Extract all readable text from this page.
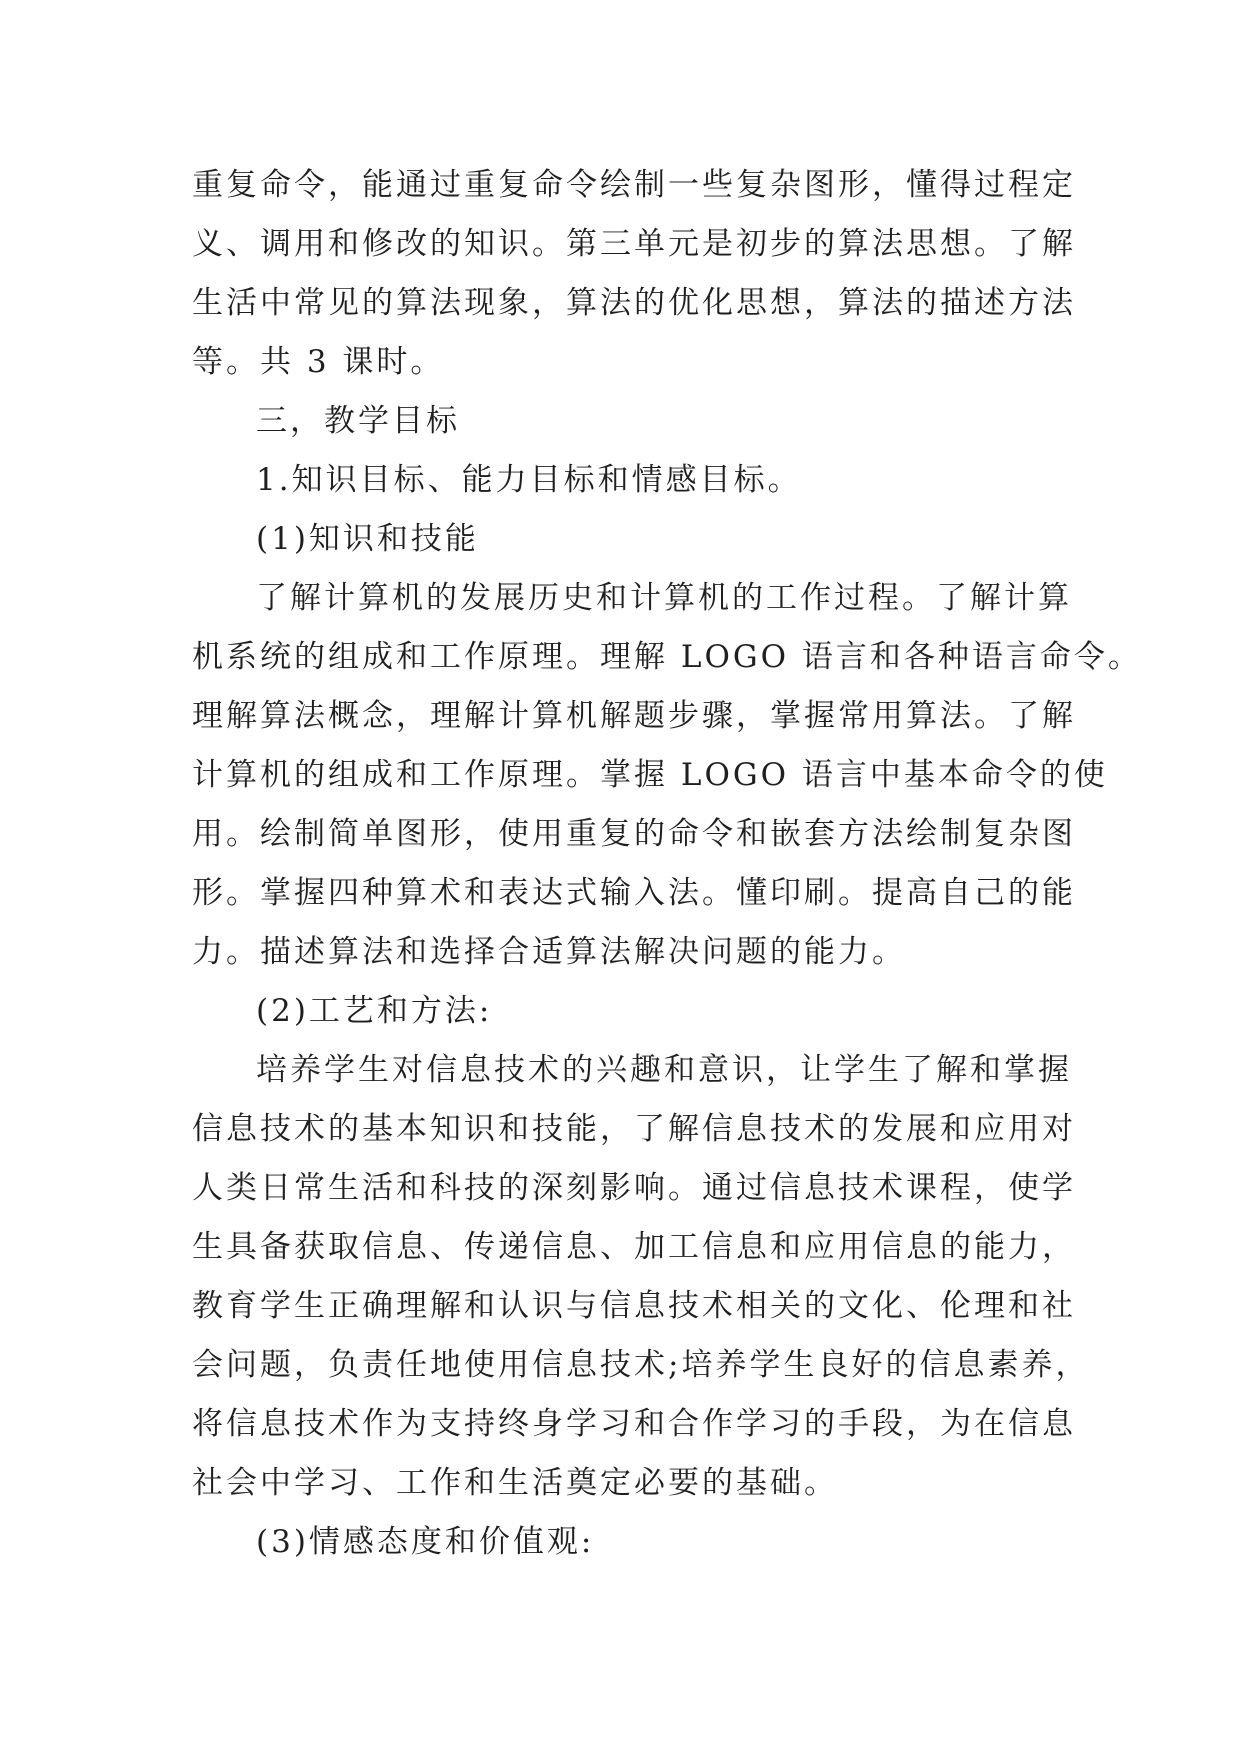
重复命令，能通过重复命令绘制一些复杂图形，懂得过程定
义、调用和修改的知识。第三单元是初步的算法思想。了解
生活中常见的算法现象，算法的优化思想，算法的描述方法
等。共 3 课时。
三，教学目标
1.知识目标、能力目标和情感目标。
(1)知识和技能
了解计算机的发展历史和计算机的工作过程。了解计算
机系统的组成和工作原理。理解 LOGO 语言和各种语言命令。
理解算法概念，理解计算机解题步骤，掌握常用算法。了解
计算机的组成和工作原理。掌握 LOGO 语言中基本命令的使
用。绘制简单图形，使用重复的命令和嵌套方法绘制复杂图
形。掌握四种算术和表达式输入法。懂印刷。提高自己的能
力。描述算法和选择合适算法解决问题的能力。
(2)工艺和方法:
培养学生对信息技术的兴趣和意识，让学生了解和掌握
信息技术的基本知识和技能，了解信息技术的发展和应用对
人类日常生活和科技的深刻影响。通过信息技术课程，使学
生具备获取信息、传递信息、加工信息和应用信息的能力，
教育学生正确理解和认识与信息技术相关的文化、伦理和社
会问题，负责任地使用信息技术;培养学生良好的信息素养，
将信息技术作为支持终身学习和合作学习的手段，为在信息
社会中学习、工作和生活奠定必要的基础。
(3)情感态度和价值观:
